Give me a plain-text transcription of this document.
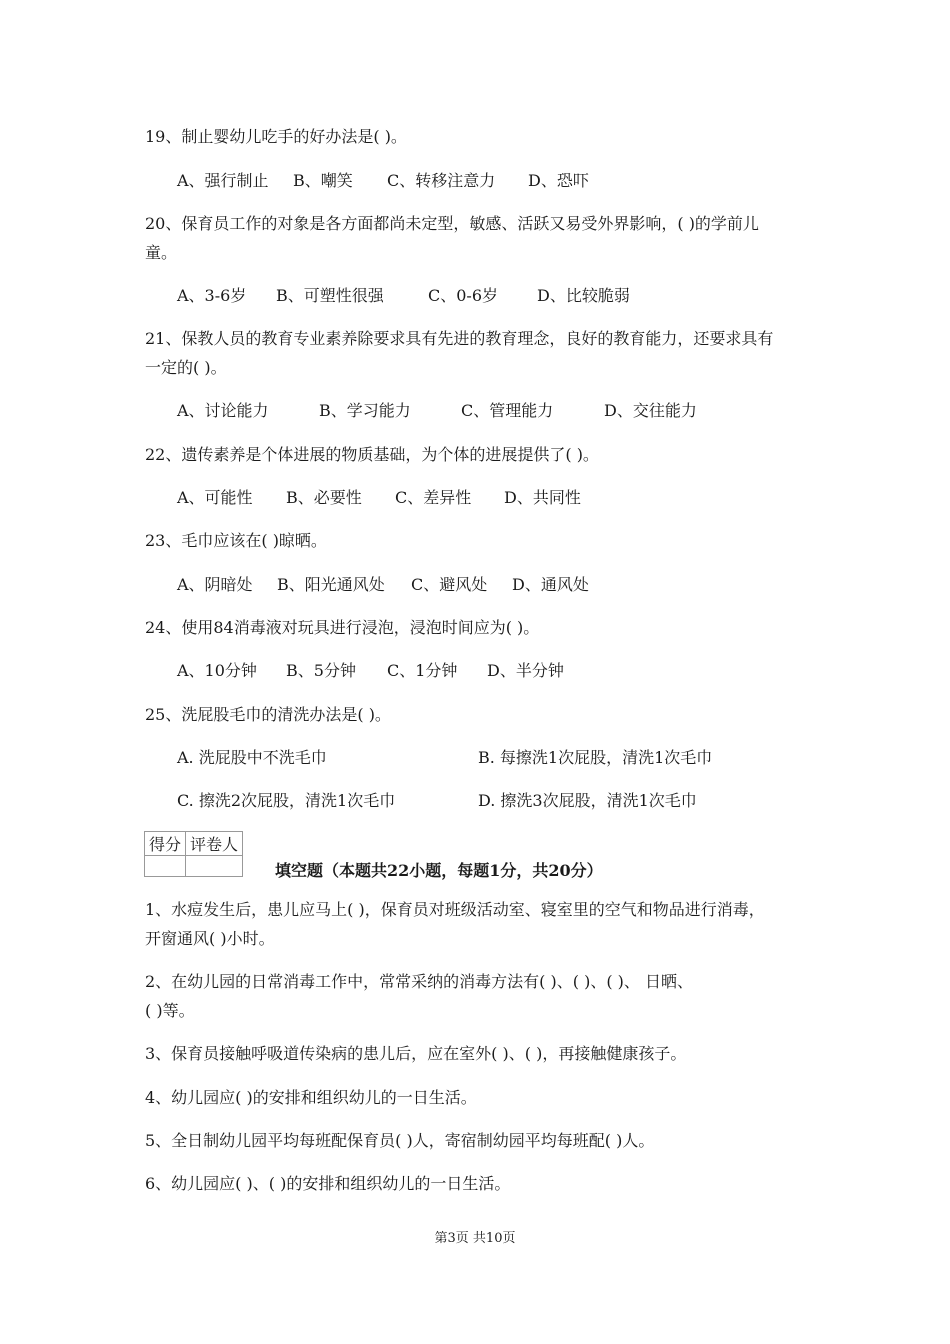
19、制止婴幼儿吃手的好办法是( )。
A、强行制止 B、嘲笑 C、转移注意力 D、恐吓
20、保育员工作的对象是各方面都尚未定型，敏感、活跃又易受外界影响，( )的学前儿
童。
A、3-6岁 B、可塑性很强	C、0-6岁 D、比较脆弱
21、保教人员的教育专业素养除要求具有先进的教育理念，良好的教育能力，还要求具有
一定的( )。
A、讨论能力	B、学习能力	C、管理能力	D、交往能力
22、遗传素养是个体进展的物质基础，为个体的进展提供了( )。
A、可能性 B、必要性 C、差异性 D、共同性
23、毛巾应该在( )晾晒。
A、阴暗处 B、阳光通风处 C、避风处 D、通风处
24、使用84消毒液对玩具进行浸泡，浸泡时间应为( )。
A、10分钟 B、5分钟 C、1分钟 D、半分钟
25、洗屁股毛巾的清洗办法是( )。
A. 洗屁股中不洗毛巾	B. 每擦洗1次屁股，清洗1次毛巾
C. 擦洗2次屁股，清洗1次毛巾	D. 擦洗3次屁股，清洗1次毛巾
得分	评卷人

填空题（本题共22小题，每题1分，共20分）
1、水痘发生后，患儿应马上( )，保育员对班级活动室、寝室里的空气和物品进行消毒，
开窗通风( )小时。
2、在幼儿园的日常消毒工作中，常常采纳的消毒方法有( )、( )、( )、 日晒、
( )等。
3、保育员接触呼吸道传染病的患儿后，应在室外( )、( )，再接触健康孩子。
4、幼儿园应( )的安排和组织幼儿的一日生活。
5、全日制幼儿园平均每班配保育员( )人，寄宿制幼园平均每班配( )人。
6、幼儿园应( )、( )的安排和组织幼儿的一日生活。
第3页 共10页
